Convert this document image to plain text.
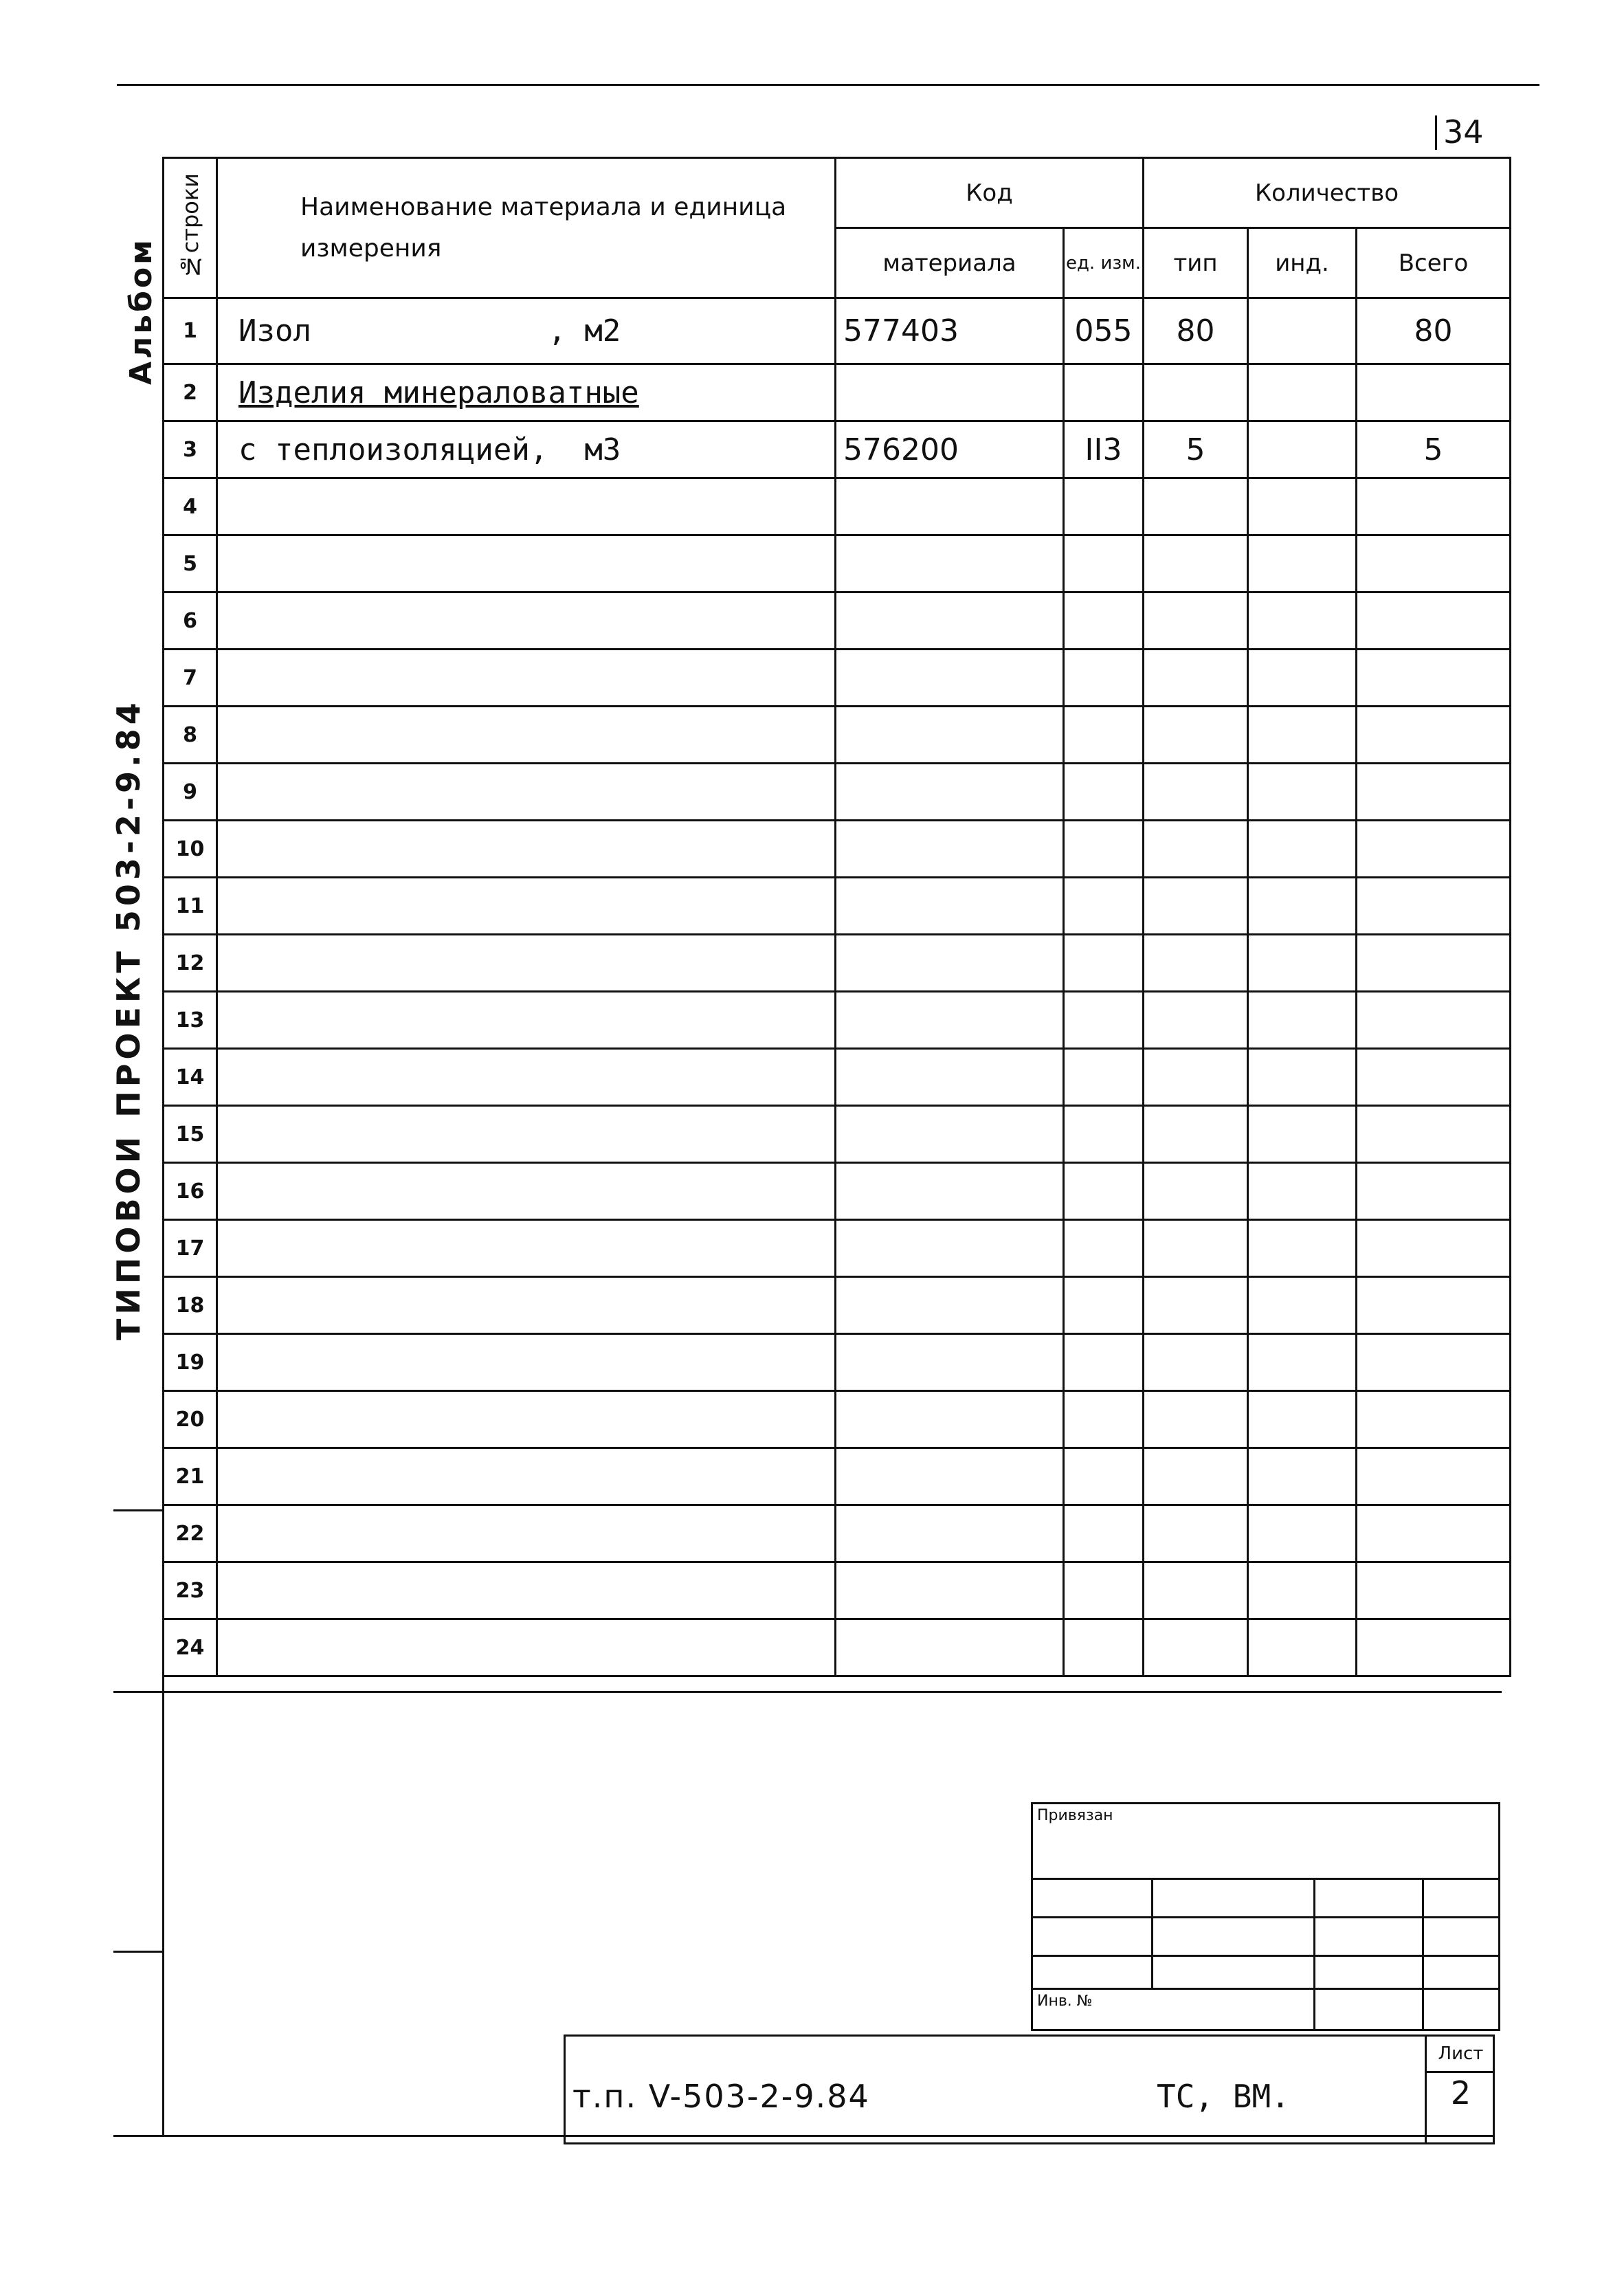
34
Альбом
ТИПОВОИ ПРОЕКТ 503-2-9.84
№строки	Наименование материала и единица измерения	Код		Количество		
		материала	ед. изм.	тип	инд.	Всего
1	Изол             , м2	577403	055	80		80
2	Изделия минераловатные					
3	с теплоизоляцией,  м3	576200	II3	5		5
4						
5						
6						
7						
8						
9						
10						
11						
12						
13						
14						
15						
16						
17						
18						
19						
20						
21						
22						
23						
24						
Привязан			

Инв. №			
т.п. V-503-2-9.84	ТС, ВМ.
Лист
2
